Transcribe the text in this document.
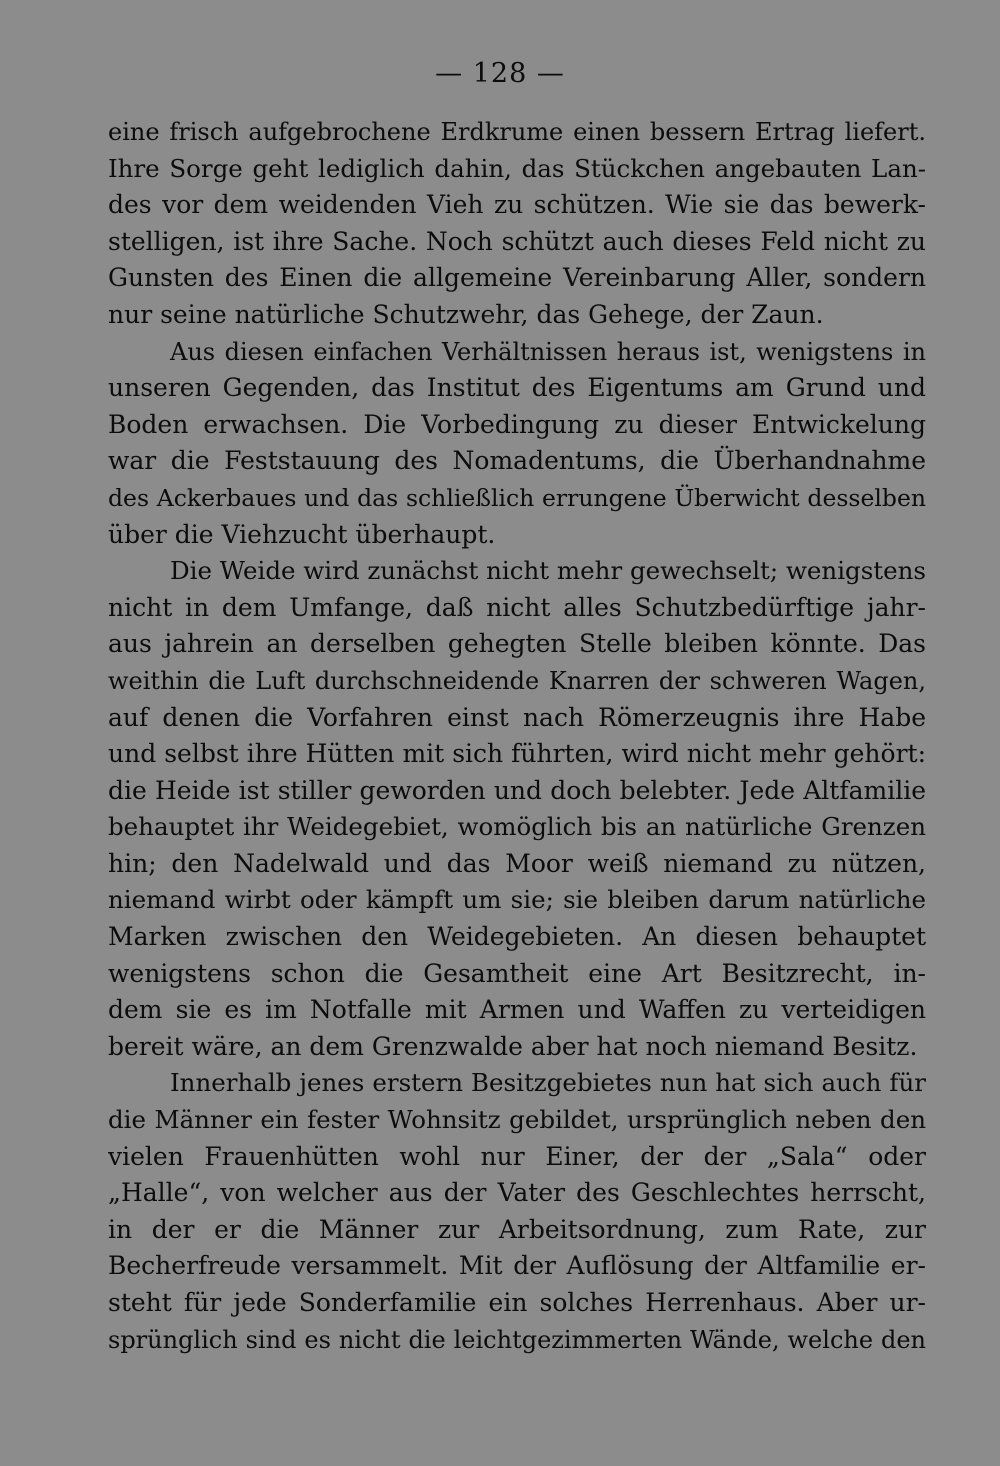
— 128 —
eine frisch aufgebrochene Erdkrume einen bessern Ertrag liefert.
Ihre Sorge geht lediglich dahin, das Stückchen angebauten Lan-
des vor dem weidenden Vieh zu schützen. Wie sie das bewerk-
stelligen, ist ihre Sache. Noch schützt auch dieses Feld nicht zu
Gunsten des Einen die allgemeine Vereinbarung Aller, sondern
nur seine natürliche Schutzwehr, das Gehege, der Zaun.
Aus diesen einfachen Verhältnissen heraus ist, wenigstens in
unseren Gegenden, das Institut des Eigentums am Grund und
Boden erwachsen. Die Vorbedingung zu dieser Entwickelung
war die Feststauung des Nomadentums, die Überhandnahme
des Ackerbaues und das schließlich errungene Überwicht desselben
über die Viehzucht überhaupt.
Die Weide wird zunächst nicht mehr gewechselt; wenigstens
nicht in dem Umfange, daß nicht alles Schutzbedürftige jahr-
aus jahrein an derselben gehegten Stelle bleiben könnte. Das
weithin die Luft durchschneidende Knarren der schweren Wagen,
auf denen die Vorfahren einst nach Römerzeugnis ihre Habe
und selbst ihre Hütten mit sich führten, wird nicht mehr gehört:
die Heide ist stiller geworden und doch belebter. Jede Altfamilie
behauptet ihr Weidegebiet, womöglich bis an natürliche Grenzen
hin; den Nadelwald und das Moor weiß niemand zu nützen,
niemand wirbt oder kämpft um sie; sie bleiben darum natürliche
Marken zwischen den Weidegebieten. An diesen behauptet
wenigstens schon die Gesamtheit eine Art Besitzrecht, in-
dem sie es im Notfalle mit Armen und Waffen zu verteidigen
bereit wäre, an dem Grenzwalde aber hat noch niemand Besitz.
Innerhalb jenes erstern Besitzgebietes nun hat sich auch für
die Männer ein fester Wohnsitz gebildet, ursprünglich neben den
vielen Frauenhütten wohl nur Einer, der der „Sala“ oder
„Halle“, von welcher aus der Vater des Geschlechtes herrscht,
in der er die Männer zur Arbeitsordnung, zum Rate, zur
Becherfreude versammelt. Mit der Auflösung der Altfamilie er-
steht für jede Sonderfamilie ein solches Herrenhaus. Aber ur-
sprünglich sind es nicht die leichtgezimmerten Wände, welche den
